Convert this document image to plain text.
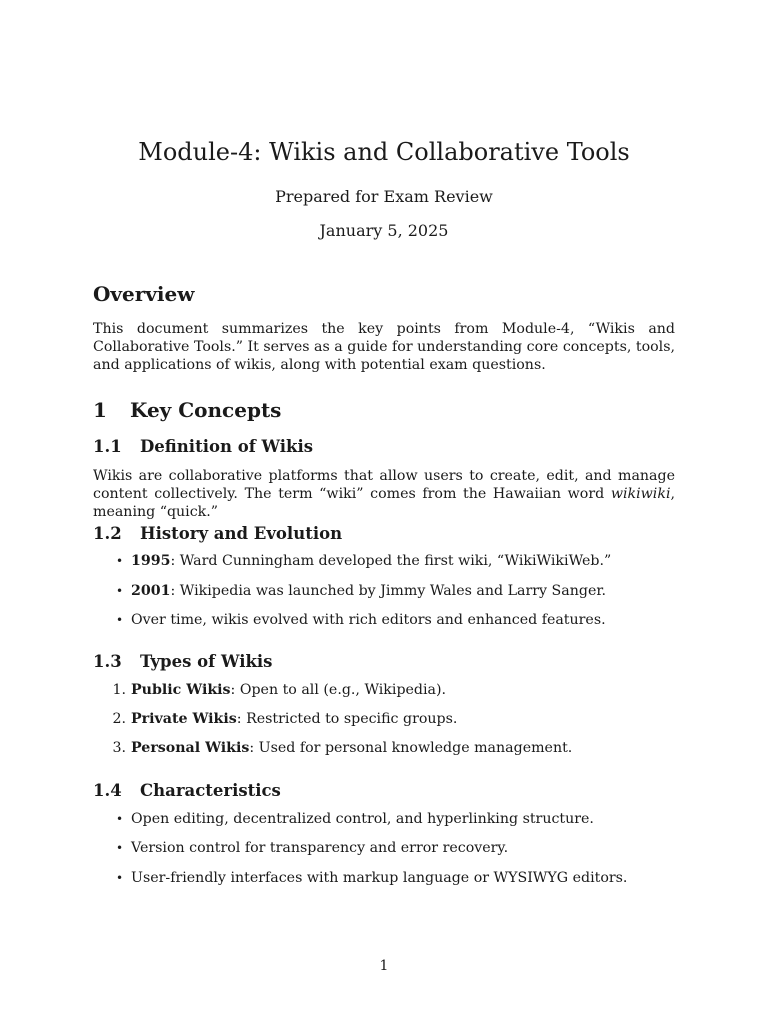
Module-4: Wikis and Collaborative Tools
Prepared for Exam Review
January 5, 2025
Overview
This document summarizes the key points from Module-4, “Wikis and Collaborative Tools.” It serves as a guide for understanding core concepts, tools, and applications of wikis, along with potential exam questions.
1 Key Concepts
1.1 Definition of Wikis
Wikis are collaborative platforms that allow users to create, edit, and manage content collectively. The term “wiki” comes from the Hawaiian word wikiwiki, meaning “quick.”
1.2 History and Evolution
• 1995: Ward Cunningham developed the first wiki, “WikiWikiWeb.”
• 2001: Wikipedia was launched by Jimmy Wales and Larry Sanger.
• Over time, wikis evolved with rich editors and enhanced features.
1.3 Types of Wikis
1. Public Wikis: Open to all (e.g., Wikipedia).
2. Private Wikis: Restricted to specific groups.
3. Personal Wikis: Used for personal knowledge management.
1.4 Characteristics
• Open editing, decentralized control, and hyperlinking structure.
• Version control for transparency and error recovery.
• User-friendly interfaces with markup language or WYSIWYG editors.
1
